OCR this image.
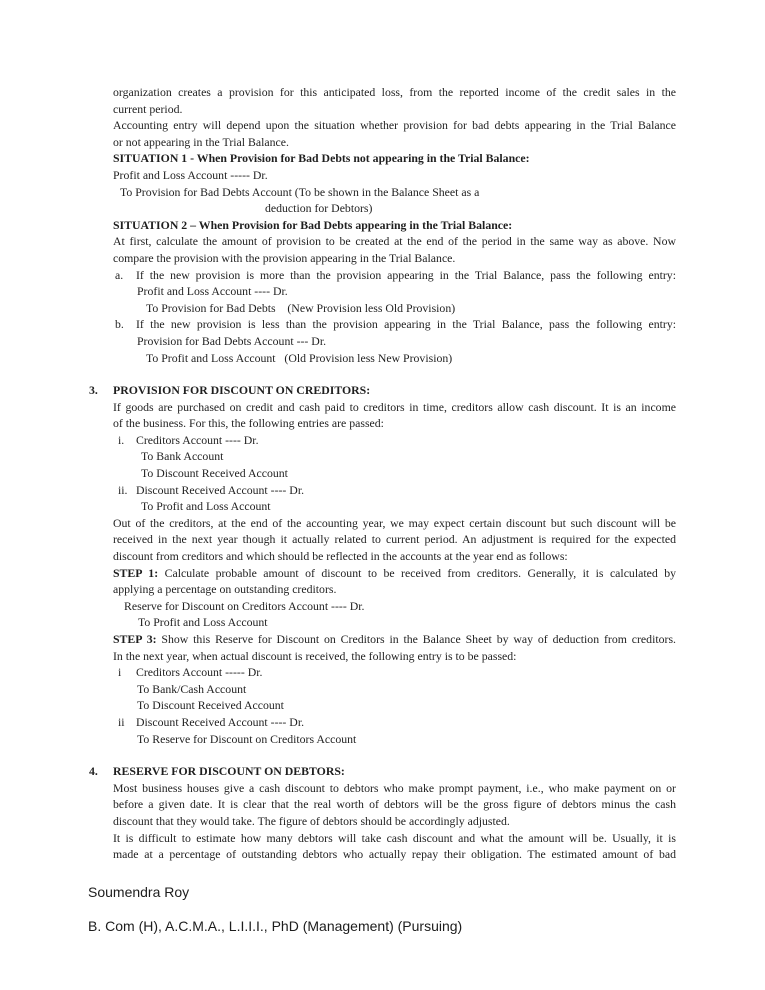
organization creates a provision for this anticipated loss, from the reported income of the credit sales in the
current period.
Accounting entry will depend upon the situation whether provision for bad debts appearing in the Trial Balance
or not appearing in the Trial Balance.
SITUATION 1 - When Provision for Bad Debts not appearing in the Trial Balance:
Profit and Loss Account ----- Dr.
To Provision for Bad Debts Account (To be shown in the Balance Sheet as a
deduction for Debtors)
SITUATION 2 – When Provision for Bad Debts appearing in the Trial Balance:
At first, calculate the amount of provision to be created at the end of the period in the same way as above. Now
compare the provision with the provision appearing in the Trial Balance.
a. If the new provision is more than the provision appearing in the Trial Balance, pass the following entry:
Profit and Loss Account ---- Dr.
To Provision for Bad Debts    (New Provision less Old Provision)
b. If the new provision is less than the provision appearing in the Trial Balance, pass the following entry:
Provision for Bad Debts Account --- Dr.
To Profit and Loss Account   (Old Provision less New Provision)
3. PROVISION FOR DISCOUNT ON CREDITORS:
If goods are purchased on credit and cash paid to creditors in time, creditors allow cash discount. It is an income
of the business. For this, the following entries are passed:
i. Creditors Account ---- Dr.
To Bank Account
To Discount Received Account
ii. Discount Received Account ---- Dr.
To Profit and Loss Account
Out of the creditors, at the end of the accounting year, we may expect certain discount but such discount will be
received in the next year though it actually related to current period. An adjustment is required for the expected
discount from creditors and which should be reflected in the accounts at the year end as follows:
STEP 1: Calculate probable amount of discount to be received from creditors. Generally, it is calculated by
applying a percentage on outstanding creditors.
Reserve for Discount on Creditors Account ---- Dr.
To Profit and Loss Account
STEP 3: Show this Reserve for Discount on Creditors in the Balance Sheet by way of deduction from creditors.
In the next year, when actual discount is received, the following entry is to be passed:
i Creditors Account ----- Dr.
To Bank/Cash Account
To Discount Received Account
ii Discount Received Account ---- Dr.
To Reserve for Discount on Creditors Account
4. RESERVE FOR DISCOUNT ON DEBTORS:
Most business houses give a cash discount to debtors who make prompt payment, i.e., who make payment on or
before a given date. It is clear that the real worth of debtors will be the gross figure of debtors minus the cash
discount that they would take. The figure of debtors should be accordingly adjusted.
It is difficult to estimate how many debtors will take cash discount and what the amount will be. Usually, it is
made at a percentage of outstanding debtors who actually repay their obligation. The estimated amount of bad
Soumendra Roy
B. Com (H), A.C.M.A., L.I.I.I., PhD (Management) (Pursuing)
